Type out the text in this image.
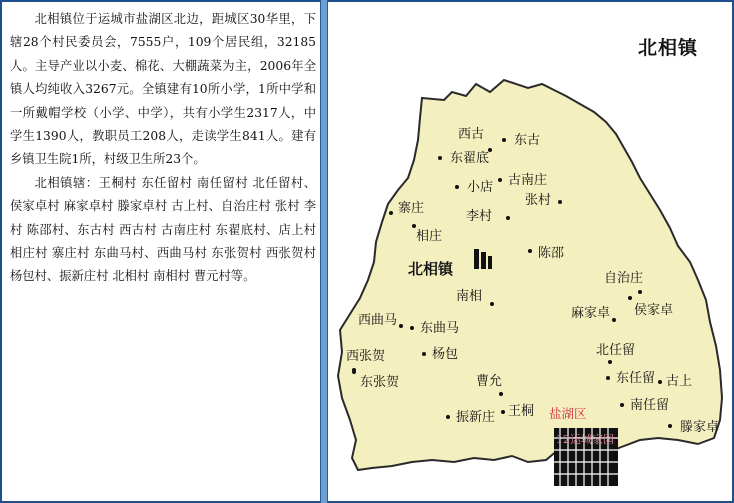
北相镇位于运城市盐湖区北边，距城区30华里，下辖28个村民委员会，7555户，109个居民组，32185人。主导产业以小麦、棉花、大棚蔬菜为主，2006年全镇人均纯收入3267元。全镇建有10所小学，1所中学和一所戴帽学校（小学、中学），共有小学生2317人，中学生1390人，教职员工208人，走读学生841人。建有乡镇卫生院1所，村级卫生所23个。

北相镇辖：王桐村 东任留村 南任留村 北任留村、侯家卓村 麻家卓村 滕家卓村 古上村、自治庄村 张村 李村 陈邵村、东古村 西古村 古南庄村 东翟底村、店上村 相庄村 寨庄村 东曲马村、西曲马村 东张贺村 西张贺村 杨包村、振新庄村 北相村 南相村 曹元村等。

北相镇
北相镇
盐湖区
12运城家园
西古 东古
东翟底
小店 古南庄
张村
李村
寨庄
相庄
陈邵
自治庄
南相
麻家卓 侯家卓
西曲马
东曲马
西张贺	杨包	北任留
东任留
东张贺	曹允	古上
振新庄 王桐	南任留
滕家卓
